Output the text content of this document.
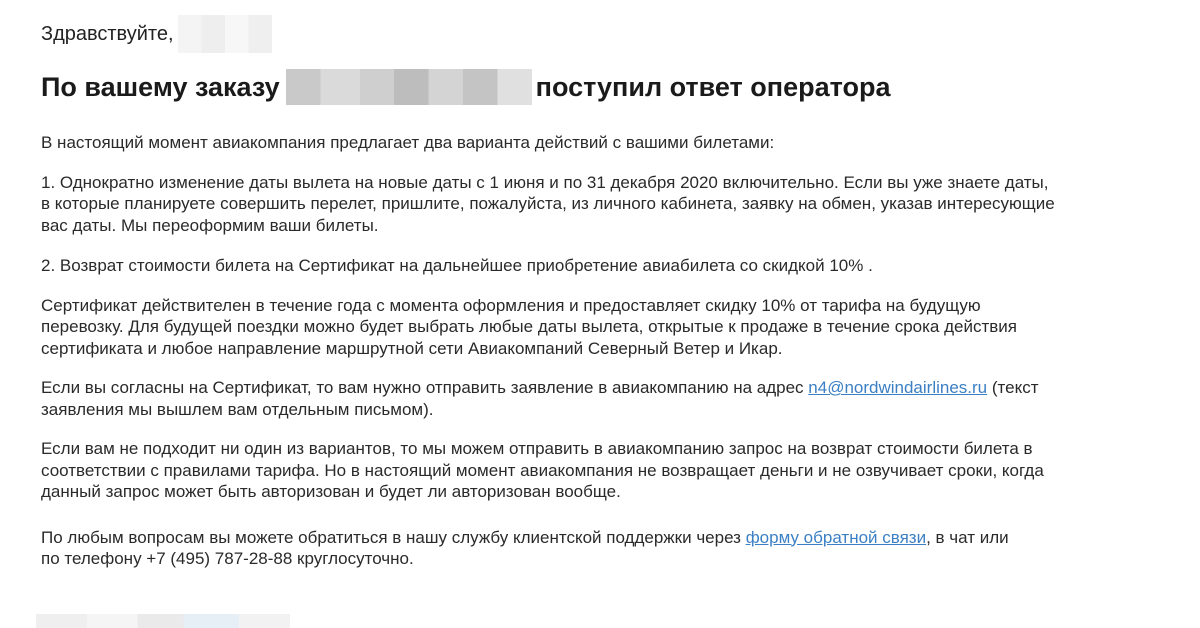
Здравствуйте,
По вашему заказу	поступил ответ оператора

В настоящий момент авиакомпания предлагает два варианта действий с вашими билетами:

1. Однократно изменение даты вылета на новые даты с 1 июня и по 31 декабря 2020 включительно. Если вы уже знаете даты,
в которые планируете совершить перелет, пришлите, пожалуйста, из личного кабинета, заявку на обмен, указав интересующие
вас даты. Мы переоформим ваши билеты.

2. Возврат стоимости билета на Сертификат на дальнейшее приобретение авиабилета со скидкой 10% .

Сертификат действителен в течение года с момента оформления и предоставляет скидку 10% от тарифа на будущую
перевозку. Для будущей поездки можно будет выбрать любые даты вылета, открытые к продаже в течение срока действия
сертификата и любое направление маршрутной сети Авиакомпаний Северный Ветер и Икар.

Если вы согласны на Сертификат, то вам нужно отправить заявление в авиакомпанию на адрес n4@nordwindairlines.ru (текст
заявления мы вышлем вам отдельным письмом).

Если вам не подходит ни один из вариантов, то мы можем отправить в авиакомпанию запрос на возврат стоимости билета в
соответствии с правилами тарифа. Но в настоящий момент авиакомпания не возвращает деньги и не озвучивает сроки, когда
данный запрос может быть авторизован и будет ли авторизован вообще.

По любым вопросам вы можете обратиться в нашу службу клиентской поддержки через форму обратной связи, в чат или
по телефону +7 (495) 787-28-88 круглосуточно.
